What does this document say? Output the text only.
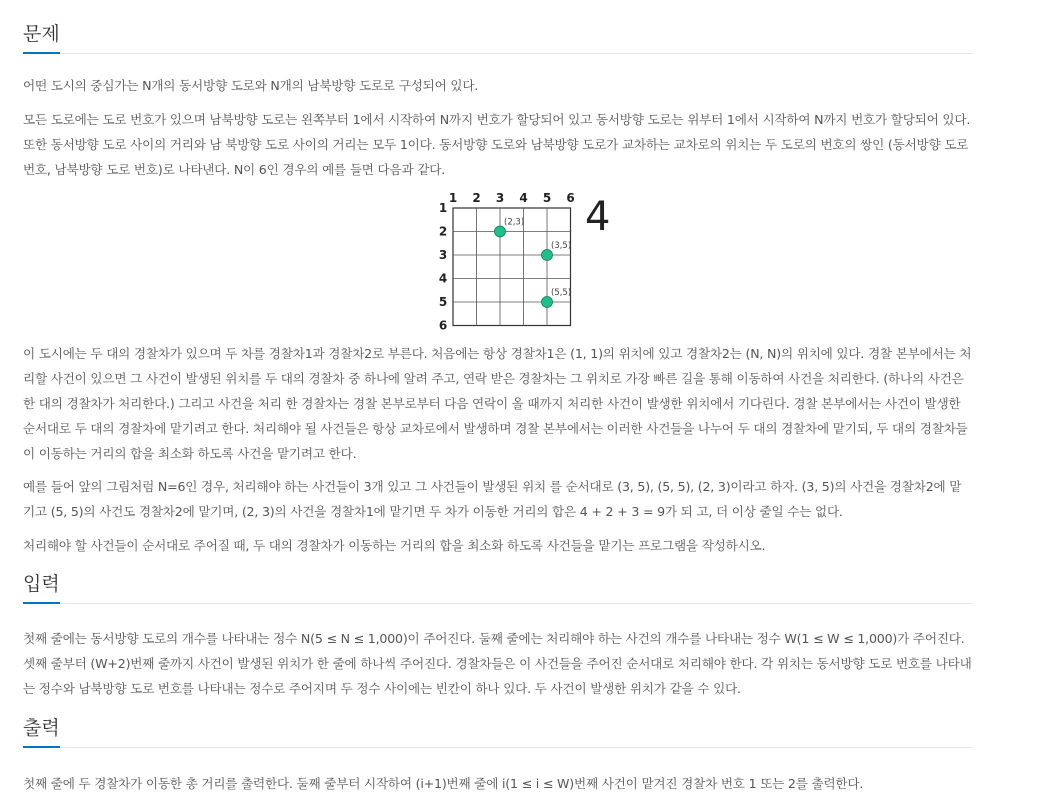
문제

어떤 도시의 중심가는 N개의 동서방향 도로와 N개의 남북방향 도로로 구성되어 있다.

모든 도로에는 도로 번호가 있으며 남북방향 도로는 왼쪽부터 1에서 시작하여 N까지 번호가 할당되어 있고 동서방향 도로는 위부터 1에서 시작하여 N까지 번호가 할당되어 있다. 또한 동서방향 도로 사이의 거리와 남 북방향 도로 사이의 거리는 모두 1이다. 동서방향 도로와 남북방향 도로가 교차하는 교차로의 위치는 두 도로의 번호의 쌍인 (동서방향 도로 번호, 남북방향 도로 번호)로 나타낸다. N이 6인 경우의 예를 들면 다음과 같다.

1 2 3 4 5 6
1
2
3
4
5
6
(2,3)
(3,5)
(5,5)
4

이 도시에는 두 대의 경찰차가 있으며 두 차를 경찰차1과 경찰차2로 부른다. 처음에는 항상 경찰차1은 (1, 1)의 위치에 있고 경찰차2는 (N, N)의 위치에 있다. 경찰 본부에서는 처리할 사건이 있으면 그 사건이 발생된 위치를 두 대의 경찰차 중 하나에 알려 주고, 연락 받은 경찰차는 그 위치로 가장 빠른 길을 통해 이동하여 사건을 처리한다. (하나의 사건은 한 대의 경찰차가 처리한다.) 그리고 사건을 처리 한 경찰차는 경찰 본부로부터 다음 연락이 올 때까지 처리한 사건이 발생한 위치에서 기다린다. 경찰 본부에서는 사건이 발생한 순서대로 두 대의 경찰차에 맡기려고 한다. 처리해야 될 사건들은 항상 교차로에서 발생하며 경찰 본부에서는 이러한 사건들을 나누어 두 대의 경찰차에 맡기되, 두 대의 경찰차들이 이동하는 거리의 합을 최소화 하도록 사건을 맡기려고 한다.

예를 들어 앞의 그림처럼 N=6인 경우, 처리해야 하는 사건들이 3개 있고 그 사건들이 발생된 위치 를 순서대로 (3, 5), (5, 5), (2, 3)이라고 하자. (3, 5)의 사건을 경찰차2에 맡기고 (5, 5)의 사건도 경찰차2에 맡기며, (2, 3)의 사건을 경찰차1에 맡기면 두 차가 이동한 거리의 합은 4 + 2 + 3 = 9가 되 고, 더 이상 줄일 수는 없다.

처리해야 할 사건들이 순서대로 주어질 때, 두 대의 경찰차가 이동하는 거리의 합을 최소화 하도록 사건들을 맡기는 프로그램을 작성하시오.

입력

첫째 줄에는 동서방향 도로의 개수를 나타내는 정수 N(5 ≤ N ≤ 1,000)이 주어진다. 둘째 줄에는 처리해야 하는 사건의 개수를 나타내는 정수 W(1 ≤ W ≤ 1,000)가 주어진다. 셋째 줄부터 (W+2)번째 줄까지 사건이 발생된 위치가 한 줄에 하나씩 주어진다. 경찰차들은 이 사건들을 주어진 순서대로 처리해야 한다. 각 위치는 동서방향 도로 번호를 나타내는 정수와 남북방향 도로 번호를 나타내는 정수로 주어지며 두 정수 사이에는 빈칸이 하나 있다. 두 사건이 발생한 위치가 같을 수 있다.

출력

첫째 줄에 두 경찰차가 이동한 총 거리를 출력한다. 둘째 줄부터 시작하여 (i+1)번째 줄에 i(1 ≤ i ≤ W)번째 사건이 맡겨진 경찰차 번호 1 또는 2를 출력한다.
